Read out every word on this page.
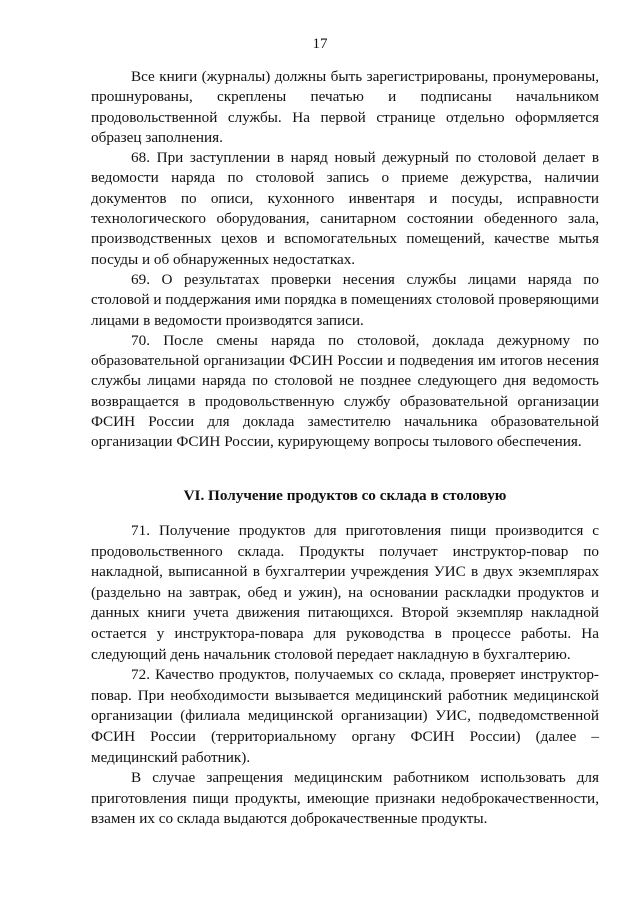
17

Все книги (журналы) должны быть зарегистрированы, пронумерованы, прошнурованы, скреплены печатью и подписаны начальником продовольственной службы. На первой странице отдельно оформляется образец заполнения.

68. При заступлении в наряд новый дежурный по столовой делает в ведомости наряда по столовой запись о приеме дежурства, наличии документов по описи, кухонного инвентаря и посуды, исправности технологического оборудования, санитарном состоянии обеденного зала, производственных цехов и вспомогательных помещений, качестве мытья посуды и об обнаруженных недостатках.

69. О результатах проверки несения службы лицами наряда по столовой и поддержания ими порядка в помещениях столовой проверяющими лицами в ведомости производятся записи.

70. После смены наряда по столовой, доклада дежурному по образовательной организации ФСИН России и подведения им итогов несения службы лицами наряда по столовой не позднее следующего дня ведомость возвращается в продовольственную службу образовательной организации ФСИН России для доклада заместителю начальника образовательной организации ФСИН России, курирующему вопросы тылового обеспечения.

VI. Получение продуктов со склада в столовую

71. Получение продуктов для приготовления пищи производится с продовольственного склада. Продукты получает инструктор-повар по накладной, выписанной в бухгалтерии учреждения УИС в двух экземплярах (раздельно на завтрак, обед и ужин), на основании раскладки продуктов и данных книги учета движения питающихся. Второй экземпляр накладной остается у инструктора-повара для руководства в процессе работы. На следующий день начальник столовой передает накладную в бухгалтерию.

72. Качество продуктов, получаемых со склада, проверяет инструктор-повар. При необходимости вызывается медицинский работник медицинской организации (филиала медицинской организации) УИС, подведомственной ФСИН России (территориальному органу ФСИН России) (далее – медицинский работник).

В случае запрещения медицинским работником использовать для приготовления пищи продукты, имеющие признаки недоброкачественности, взамен их со склада выдаются доброкачественные продукты.
